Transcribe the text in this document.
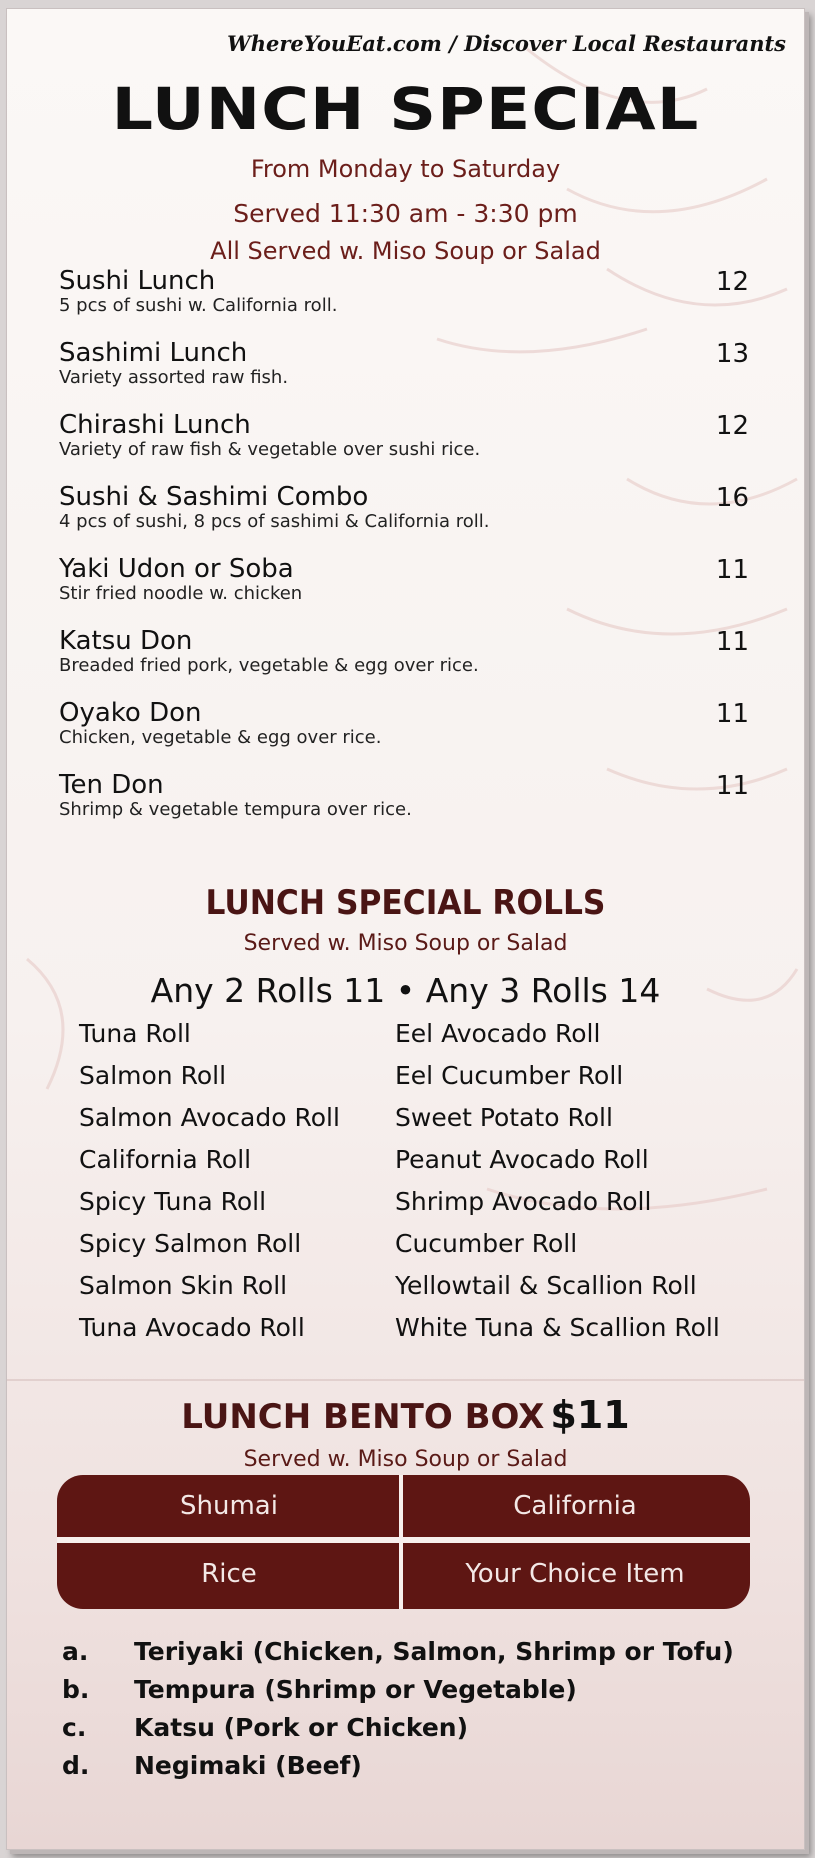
WhereYouEat.com / Discover Local Restaurants
LUNCH SPECIAL
From Monday to Saturday
Served 11:30 am - 3:30 pm
All Served w. Miso Soup or Salad
Sushi Lunch
5 pcs of sushi w. California roll.
12
Sashimi Lunch
Variety assorted raw fish.
13
Chirashi Lunch
Variety of raw fish & vegetable over sushi rice.
12
Sushi & Sashimi Combo
4 pcs of sushi, 8 pcs of sashimi & California roll.
16
Yaki Udon or Soba
Stir fried noodle w. chicken
11
Katsu Don
Breaded fried pork, vegetable & egg over rice.
11
Oyako Don
Chicken, vegetable & egg over rice.
11
Ten Don
Shrimp & vegetable tempura over rice.
11
LUNCH SPECIAL ROLLS
Served w. Miso Soup or Salad
Any 2 Rolls 11 • Any 3 Rolls 14
Tuna Roll
Salmon Roll
Salmon Avocado Roll
California Roll
Spicy Tuna Roll
Spicy Salmon Roll
Salmon Skin Roll
Tuna Avocado Roll
Eel Avocado Roll
Eel Cucumber Roll
Sweet Potato Roll
Peanut Avocado Roll
Shrimp Avocado Roll
Cucumber Roll
Yellowtail & Scallion Roll
White Tuna & Scallion Roll
LUNCH BENTO BOX $11
Served w. Miso Soup or Salad
Shumai	California
Rice	Your Choice Item
a. Teriyaki (Chicken, Salmon, Shrimp or Tofu)
b. Tempura (Shrimp or Vegetable)
c. Katsu (Pork or Chicken)
d. Negimaki (Beef)
